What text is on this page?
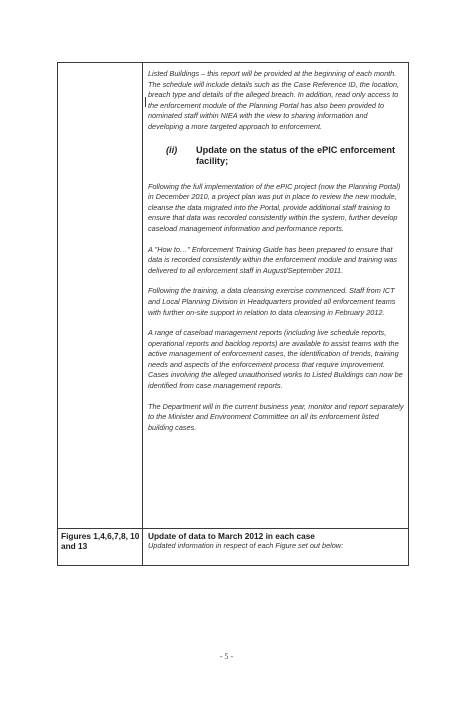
Listed Buildings – this report will be provided at the beginning of each month. The schedule will include details such as the Case Reference ID, the location, breach type and details of the alleged breach. In addition, read only access to the enforcement module of the Planning Portal has also been provided to nominated staff within NIEA with the view to sharing information and developing a more targeted approach to enforcement.

(ii)	Update on the status of the ePIC enforcement facility;

Following the full implementation of the ePIC project (now the Planning Portal) in December 2010, a project plan was put in place to review the new module, cleanse the data migrated into the Portal, provide additional staff training to ensure that data was recorded consistently within the system, further develop caseload management information and performance reports.

A "How to…" Enforcement Training Guide has been prepared to ensure that data is recorded consistently within the enforcement module and training was delivered to all enforcement staff in August/September 2011.

Following the training, a data cleansing exercise commenced. Staff from ICT and Local Planning Division in Headquarters provided all enforcement teams with further on-site support in relation to data cleansing in February 2012.

A range of caseload management reports (including live schedule reports, operational reports and backlog reports) are available to assist teams with the active management of enforcement cases, the identification of trends, training needs and aspects of the enforcement process that require improvement. Cases involving the alleged unauthorised works to Listed Buildings can now be identified from case management reports.

The Department will in the current business year, monitor and report separately to the Minister and Environment Committee on all its enforcement listed building cases.

Figures 1,4,6,7,8, 10 and 13
Update of data to March 2012 in each case

Updated information in respect of each Figure set out below:

- 5 -
